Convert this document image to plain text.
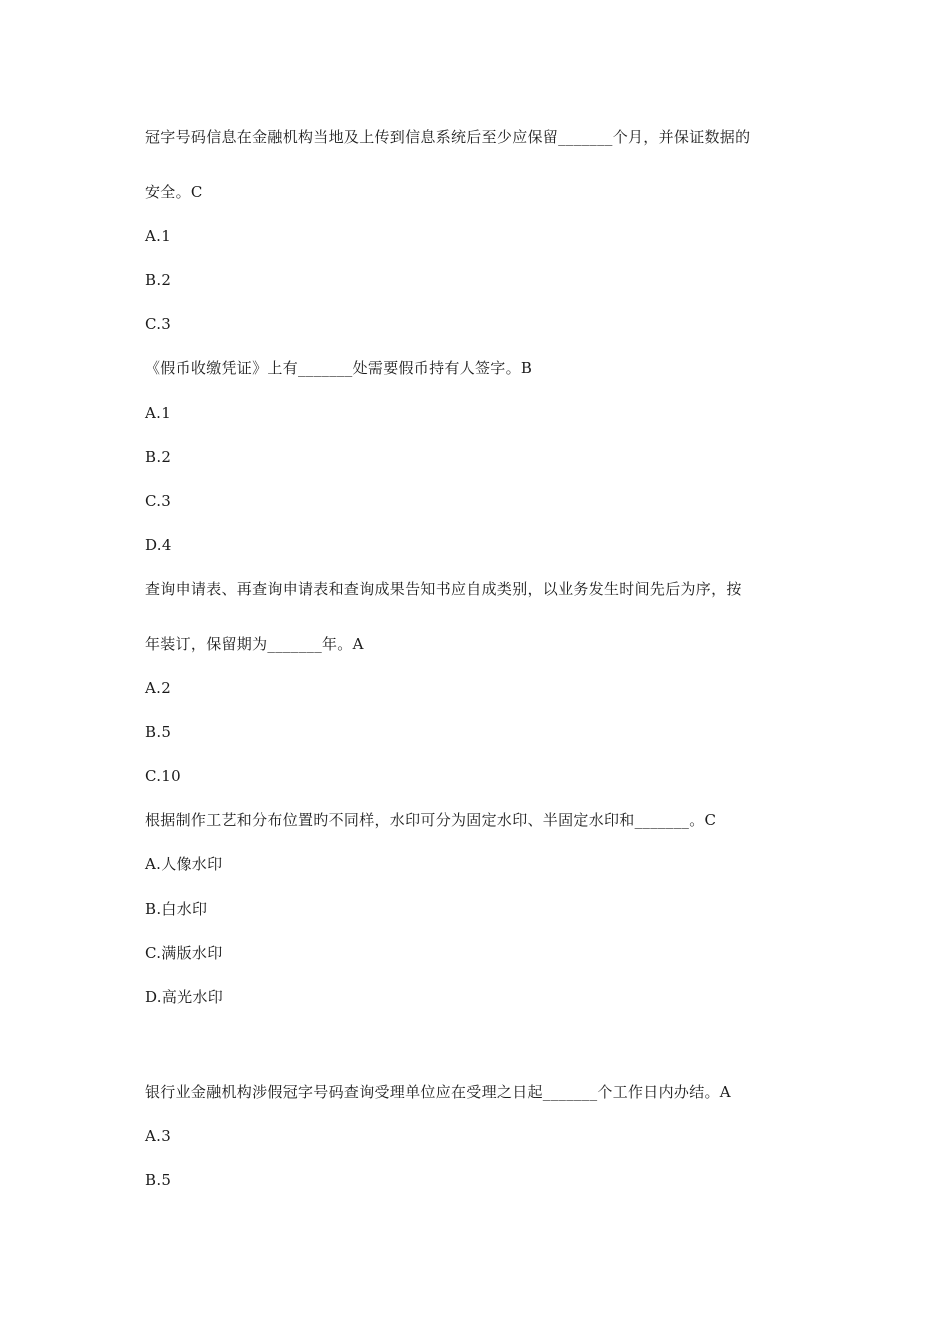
冠字号码信息在金融机构当地及上传到信息系统后至少应保留_______个月，并保证数据的
安全。C
A.1
B.2
C.3
《假币收缴凭证》上有_______处需要假币持有人签字。B
A.1
B.2
C.3
D.4
查询申请表、再查询申请表和查询成果告知书应自成类别，以业务发生时间先后为序，按
年装订，保留期为_______年。A
A.2
B.5
C.10
根据制作工艺和分布位置旳不同样，水印可分为固定水印、半固定水印和_______。C
A.人像水印
B.白水印
C.满版水印
D.高光水印
银行业金融机构涉假冠字号码查询受理单位应在受理之日起_______个工作日内办结。A
A.3
B.5
